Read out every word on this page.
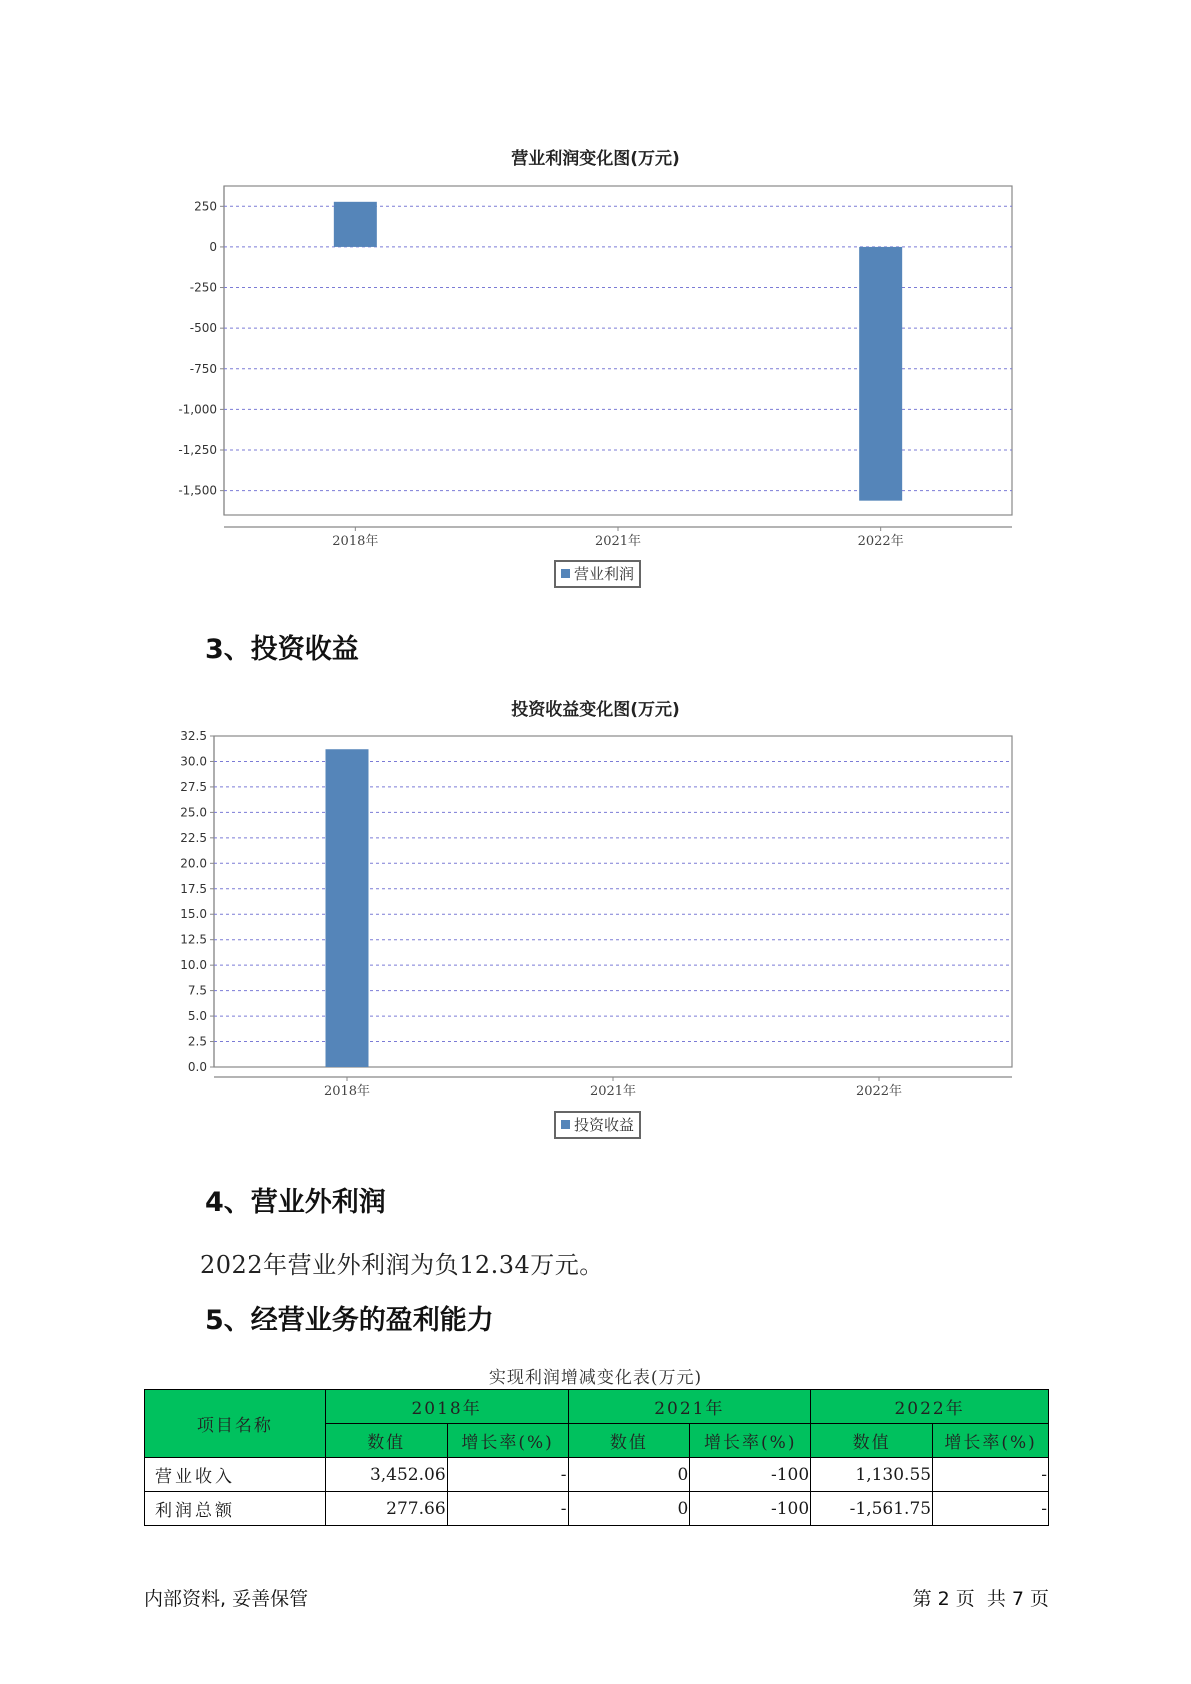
营业利润变化图(万元)
250
0
-250
-500
-750
-1,000
-1,250
-1,500
2018年	2021年	2022年
营业利润
3、投资收益
投资收益变化图(万元)
32.5
30.0
27.5
25.0
22.5
20.0
17.5
15.0
12.5
10.0
7.5
5.0
2.5
0.0
2018年	2021年	2022年
投资收益
4、营业外利润
2022年营业外利润为负12.34万元。
5、经营业务的盈利能力
实现利润增减变化表(万元)
项目名称	2018年		2021年		2022年	
	数值	增长率(%)	数值	增长率(%)	数值	增长率(%)
营业收入	3,452.06	-	0	-100	1,130.55	-
利润总额	277.66	-	0	-100	-1,561.75	-
内部资料, 妥善保管	第 2 页  共 7 页
